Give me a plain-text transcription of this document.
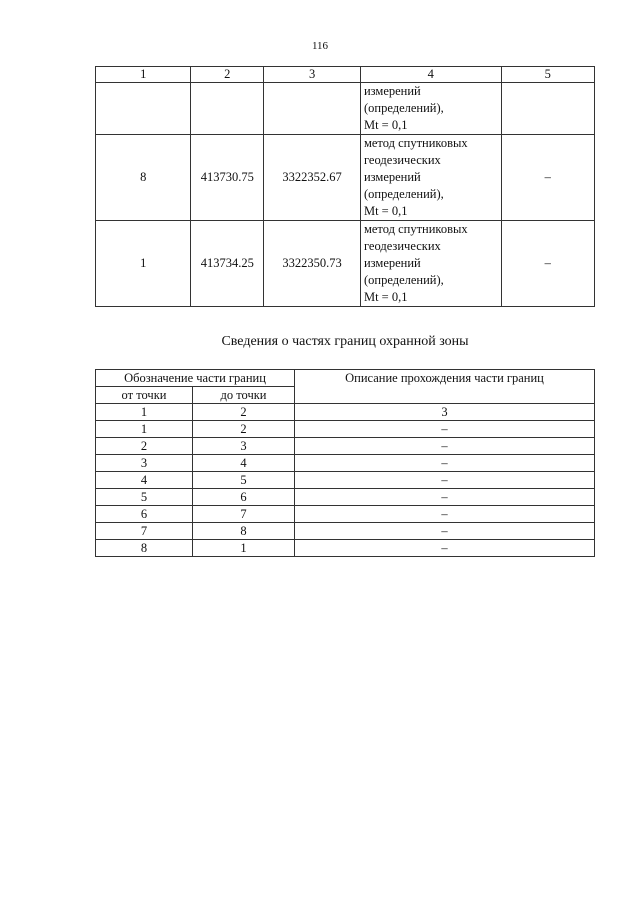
116
1	2	3	4	5

			измерений
(определений),
Mt = 0,1	

8	413730.75	3322352.67	метод спутниковых
геодезических
измерений
(определений),
Mt = 0,1	–
1	413734.25	3322350.73	метод спутниковых
геодезических
измерений
(определений),
Mt = 0,1	–
Сведения о частях границ охранной зоны
Обозначение части границ		Описание прохождения части границ
от точки	до точки	
1	2	3
1	2	–
2	3	–
3	4	–
4	5	–
5	6	–
6	7	–
7	8	–
8	1	–
